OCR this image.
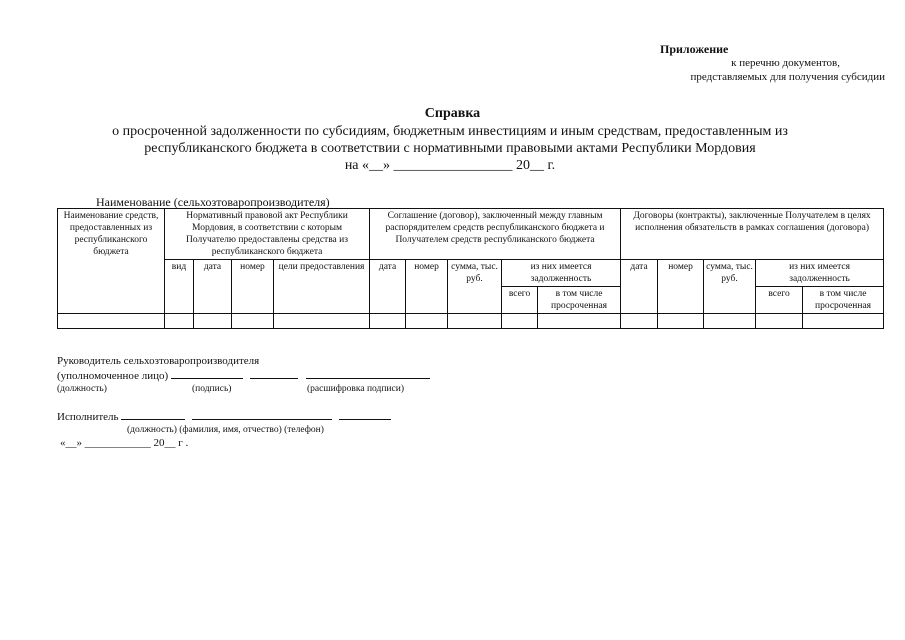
Приложение
к перечню документов,
представляемых для получения субсидии
Справка
о просроченной задолженности по субсидиям, бюджетным инвестициям и иным средствам, предоставленным из
республиканского бюджета в соответствии с нормативными правовыми актами Республики Мордовия
на «__» _________________ 20__ г.
Наименование (сельхозтоваропроизводителя)
Наименование средств, предоставленных из республиканского бюджета	Нормативный правовой акт Республики Мордовия, в соответствии с которым Получателю предоставлены средства из республиканского бюджета				Соглашение (договор), заключенный между главным распорядителем средств республиканского бюджета и Получателем средств республиканского бюджета					Договоры (контракты), заключенные Получателем в целях исполнения обязательств в рамках соглашения (договора)				
	вид	дата	номер	цели предоставления	дата	номер	сумма, тыс. руб.	из них имеется задолженность		дата	номер	сумма, тыс. руб.	из них имеется задолженность	
								всего	в том числе просроченная				всего	в том числе просроченная

Руководитель сельхозтоваропроизводителя
(уполномоченное лицо)
(должность)	(подпись)	(расшифровка подписи)
Исполнитель
(должность) (фамилия, имя, отчество) (телефон)
«__» ____________ 20__ г .
